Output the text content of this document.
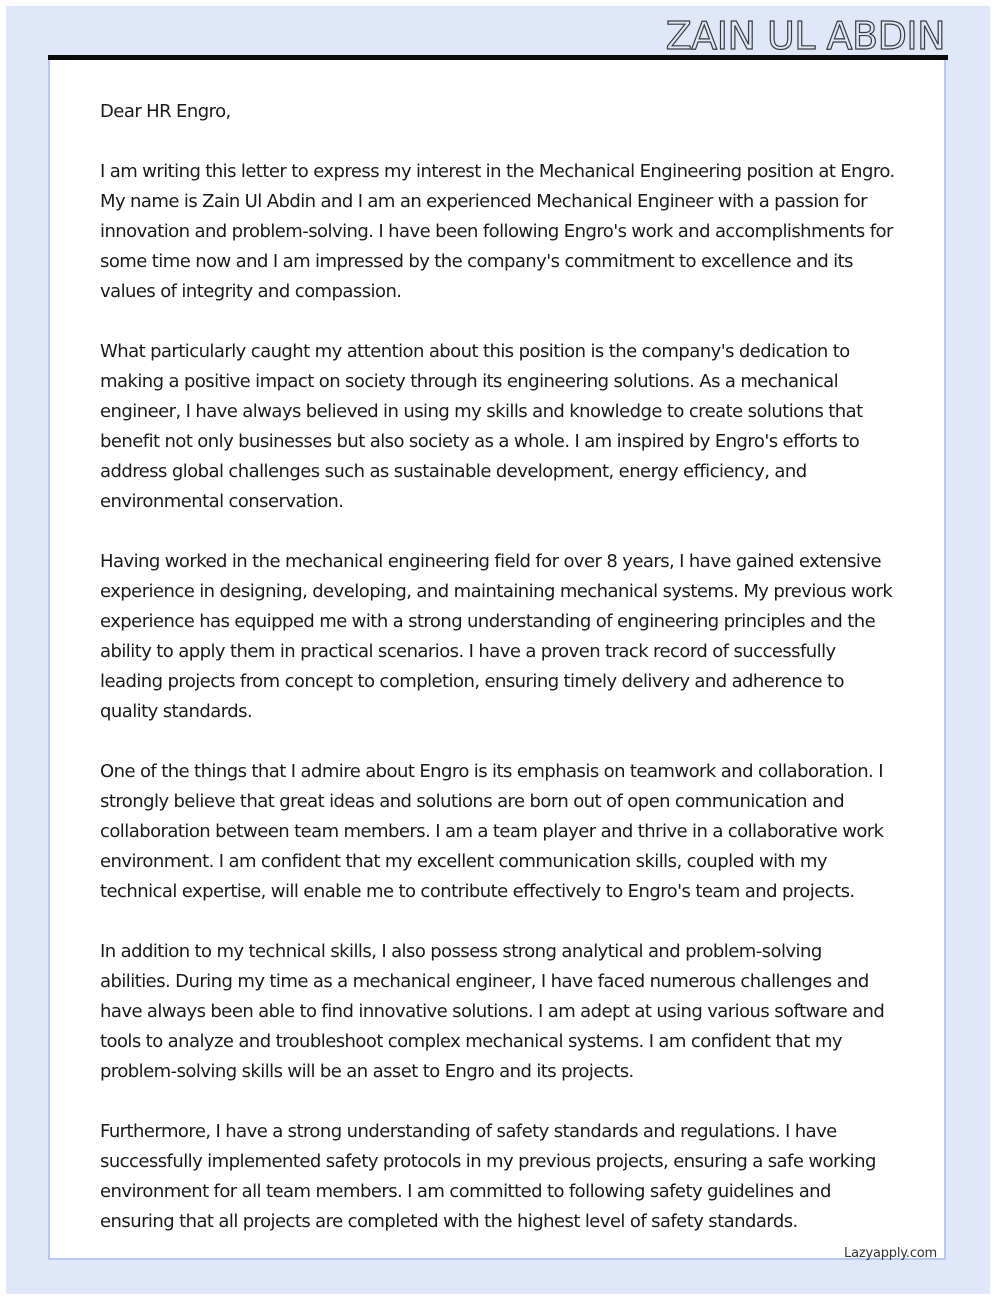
ZAIN UL ABDIN

Dear HR Engro,

I am writing this letter to express my interest in the Mechanical Engineering position at Engro. My name is Zain Ul Abdin and I am an experienced Mechanical Engineer with a passion for innovation and problem-solving. I have been following Engro's work and accomplishments for some time now and I am impressed by the company's commitment to excellence and its values of integrity and compassion.

What particularly caught my attention about this position is the company's dedication to making a positive impact on society through its engineering solutions. As a mechanical engineer, I have always believed in using my skills and knowledge to create solutions that benefit not only businesses but also society as a whole. I am inspired by Engro's efforts to address global challenges such as sustainable development, energy efficiency, and environmental conservation.

Having worked in the mechanical engineering field for over 8 years, I have gained extensive experience in designing, developing, and maintaining mechanical systems. My previous work experience has equipped me with a strong understanding of engineering principles and the ability to apply them in practical scenarios. I have a proven track record of successfully leading projects from concept to completion, ensuring timely delivery and adherence to quality standards.

One of the things that I admire about Engro is its emphasis on teamwork and collaboration. I strongly believe that great ideas and solutions are born out of open communication and collaboration between team members. I am a team player and thrive in a collaborative work environment. I am confident that my excellent communication skills, coupled with my technical expertise, will enable me to contribute effectively to Engro's team and projects.

In addition to my technical skills, I also possess strong analytical and problem-solving abilities. During my time as a mechanical engineer, I have faced numerous challenges and have always been able to find innovative solutions. I am adept at using various software and tools to analyze and troubleshoot complex mechanical systems. I am confident that my problem-solving skills will be an asset to Engro and its projects.

Furthermore, I have a strong understanding of safety standards and regulations. I have successfully implemented safety protocols in my previous projects, ensuring a safe working environment for all team members. I am committed to following safety guidelines and ensuring that all projects are completed with the highest level of safety standards.

Lazyapply.com
